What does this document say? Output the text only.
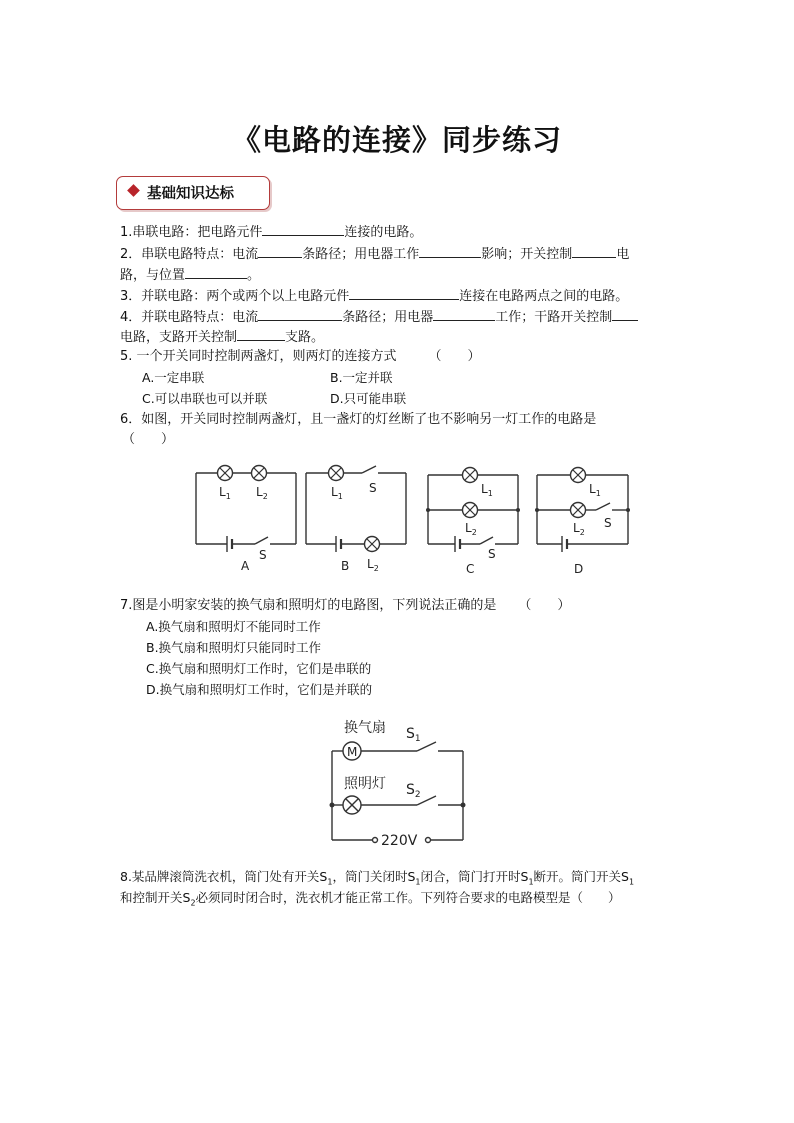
《电路的连接》同步练习
基础知识达标
1.串联电路：把电路元件	连接的电路。
2．串联电路特点：电流	条路径；用电器工作	影响；开关控制	电
路，与位置	。
3．并联电路：两个或两个以上电路元件	连接在电路两点之间的电路。
4．并联电路特点：电流	条路径；用电器	工作；干路开关控制
电路，支路开关控制	支路。
5. 一个开关同时控制两盏灯，则两灯的连接方式 （　　）
A.一定串联	B.一定并联
C.可以串联也可以并联	D.只可能串联
6．如图，开关同时控制两盏灯，且一盏灯的灯丝断了也不影响另一灯工作的电路是
（　　）
$L_1$ $L_2$
S
A
$L_1$
S
$L_2$
B
$L_1$
$L_2$
S
C
$L_1$
$L_2$
S
D
7.图是小明家安装的换气扇和照明灯的电路图，下列说法正确的是 （　　）
A.换气扇和照明灯不能同时工作
B.换气扇和照明灯只能同时工作
C.换气扇和照明灯工作时，它们是串联的
D.换气扇和照明灯工作时，它们是并联的
换气扇
M
$S_1$
照明灯 $S_2$
220V
8.某品牌滚筒洗衣机，筒门处有开关$S_1$，筒门关闭时$S_1$闭合，筒门打开时$S_1$断开。筒门开关$S_1$
和控制开关$S_2$必须同时闭合时，洗衣机才能正常工作。下列符合要求的电路模型是（　　）
